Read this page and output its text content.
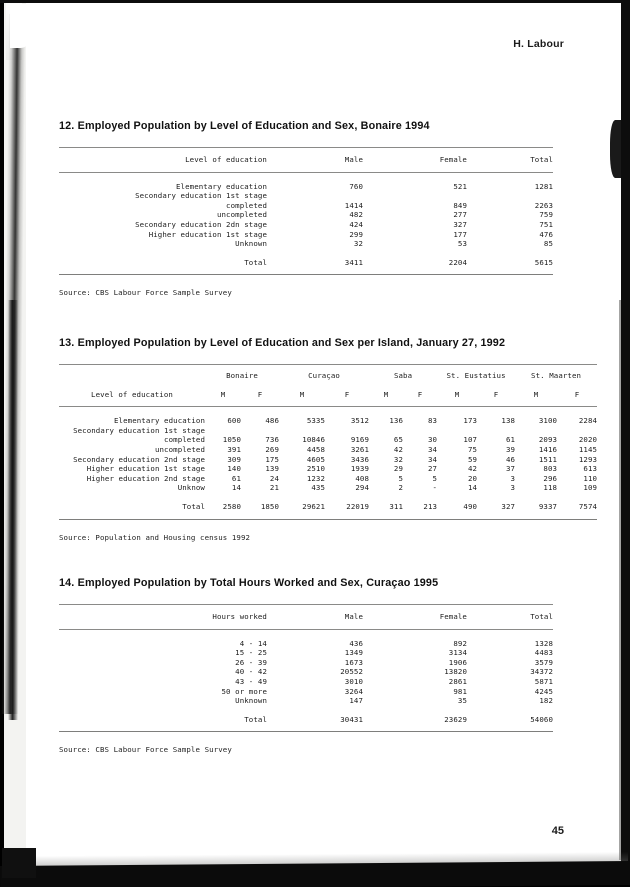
H. Labour
12. Employed Population by Level of Education and Sex, Bonaire 1994
Level of education	Male	Female	Total
Elementary education	760	521	1281
Secondary education 1st stage			
completed	1414	849	2263
uncompleted	482	277	759
Secondary education 2dn stage	424	327	751
Higher education 1st stage	299	177	476
Unknown	32	53	85
Total	3411	2204	5615
Source: CBS Labour Force Sample Survey
13. Employed Population by Level of Education and Sex per Island, January 27, 1992
	Bonaire		Curaçao		Saba		St. Eustatius		St. Maarten	
Level of education	M	F	M	F	M	F	M	F	M	F
Elementary education	600	486	5335	3512	136	83	173	138	3100	2284
Secondary education 1st stage										
completed	1050	736	10846	9169	65	30	107	61	2093	2020
uncompleted	391	269	4458	3261	42	34	75	39	1416	1145
Secondary education 2nd stage	309	175	4605	3436	32	34	59	46	1511	1293
Higher education 1st stage	140	139	2510	1939	29	27	42	37	803	613
Higher education 2nd stage	61	24	1232	408	5	5	20	3	296	110
Unknow	14	21	435	294	2	-	14	3	118	109
Total	2580	1850	29621	22019	311	213	490	327	9337	7574
Source: Population and Housing census 1992
14. Employed Population by Total Hours Worked and Sex, Curaçao 1995
Hours worked	Male	Female	Total
4 - 14	436	892	1328
15 - 25	1349	3134	4483
26 - 39	1673	1906	3579
40 - 42	20552	13820	34372
43 - 49	3010	2861	5871
50 or more	3264	981	4245
Unknown	147	35	182
Total	30431	23629	54060
Source: CBS Labour Force Sample Survey
45
